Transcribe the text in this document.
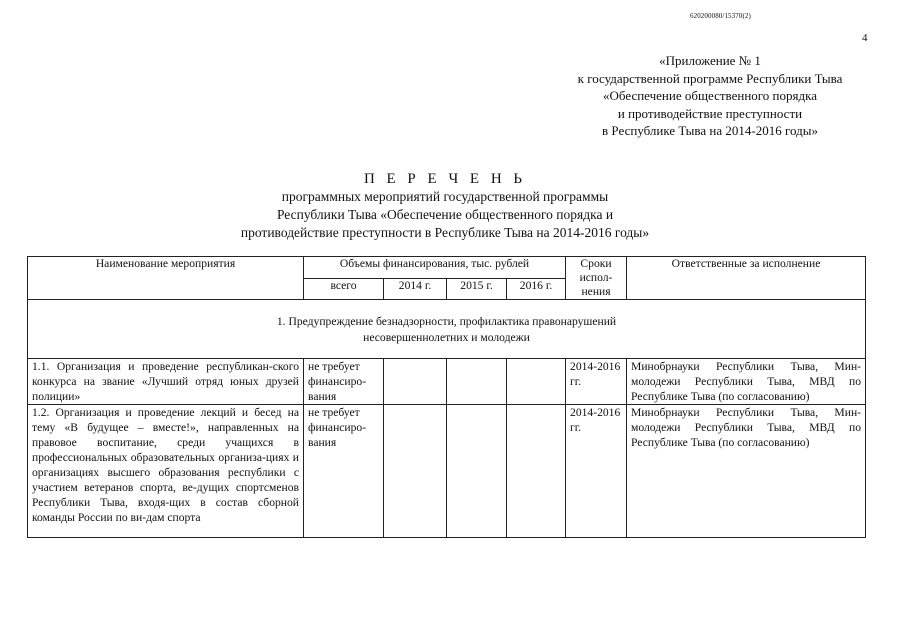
620200080/15370(2)
4
«Приложение № 1
к государственной программе Республики Тыва
«Обеспечение общественного порядка
и противодействие преступности
в Республике Тыва на 2014-2016 годы»
П Е Р Е Ч Е Н Ь
программных мероприятий государственной программы
Республики Тыва «Обеспечение общественного порядка и
противодействие преступности в Республике Тыва на 2014-2016 годы»
Наименование мероприятия	Объемы финансирования, тыс. рублей				Сроки испол-нения	Ответственные за исполнение
	всего	2014 г.	2015 г.	2016 г.		

1. Предупреждение безнадзорности, профилактика правонарушений
несовершеннолетних и молодежи						

1.1. Организация и проведение республикан-ского конкурса на звание «Лучший отряд юных друзей полиции»	не требует финансиро-вания				2014-2016 гг.	Минобрнауки Республики Тыва, Мин-молодежи Республики Тыва, МВД по Республике Тыва (по согласованию)
1.2. Организация и проведение лекций и бесед на тему «В будущее – вместе!», направленных на правовое воспитание, среди учащихся в профессиональных образовательных организа-циях и организациях высшего образования республики с участием ветеранов спорта, ве-дущих спортсменов Республики Тыва, входя-щих в состав сборной команды России по ви-дам спорта	не требует финансиро-вания				2014-2016 гг.	Минобрнауки Республики Тыва, Мин-молодежи Республики Тыва, МВД по Республике Тыва (по согласованию)
